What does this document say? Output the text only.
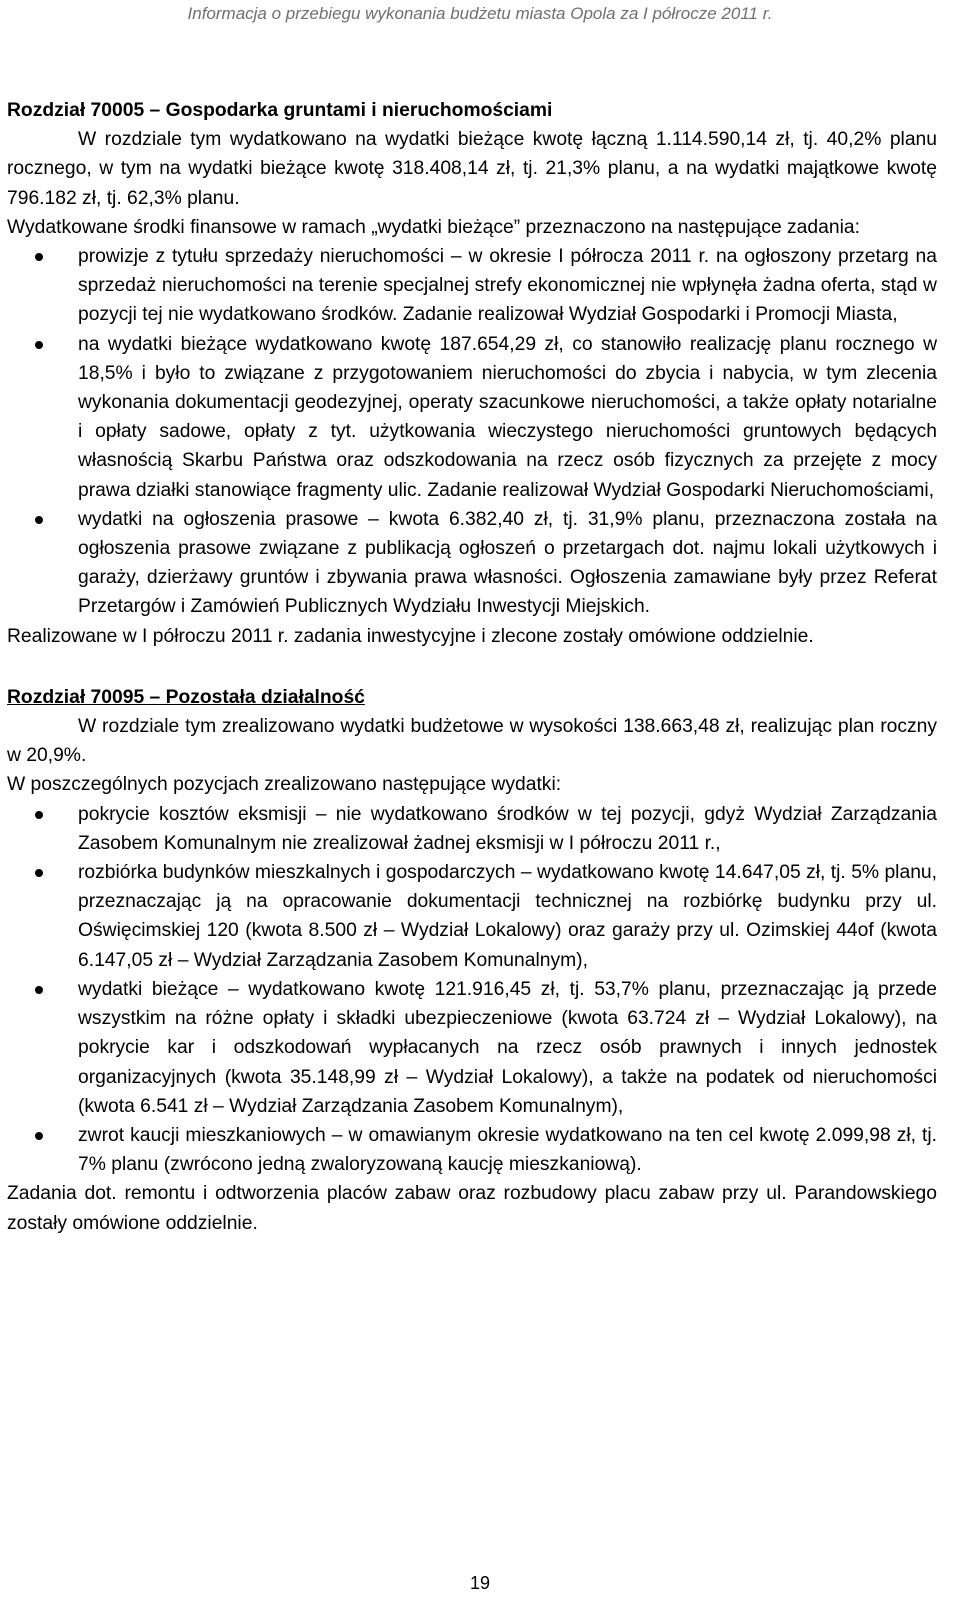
Informacja o przebiegu wykonania budżetu miasta Opola za I półrocze 2011 r.

Rozdział 70005 – Gospodarka gruntami i nieruchomościami

W rozdziale tym wydatkowano na wydatki bieżące kwotę łączną 1.114.590,14 zł, tj. 40,2% planu rocznego, w tym na wydatki bieżące kwotę 318.408,14 zł, tj. 21,3% planu, a na wydatki majątkowe kwotę 796.182 zł, tj. 62,3% planu.

Wydatkowane środki finansowe w ramach „wydatki bieżące” przeznaczono na następujące zadania:

prowizje z tytułu sprzedaży nieruchomości – w okresie I półrocza 2011 r. na ogłoszony przetarg na sprzedaż nieruchomości na terenie specjalnej strefy ekonomicznej nie wpłynęła żadna oferta, stąd w pozycji tej nie wydatkowano środków. Zadanie realizował Wydział Gospodarki i Promocji Miasta,
na wydatki bieżące wydatkowano kwotę 187.654,29 zł, co stanowiło realizację planu rocznego w 18,5% i było to związane z przygotowaniem nieruchomości do zbycia i nabycia, w tym zlecenia wykonania dokumentacji geodezyjnej, operaty szacunkowe nieruchomości, a także opłaty notarialne i opłaty sadowe, opłaty z tyt. użytkowania wieczystego nieruchomości gruntowych będących własnością Skarbu Państwa oraz odszkodowania na rzecz osób fizycznych za przejęte z mocy prawa działki stanowiące fragmenty ulic. Zadanie realizował Wydział Gospodarki Nieruchomościami,
wydatki na ogłoszenia prasowe – kwota 6.382,40 zł, tj. 31,9% planu, przeznaczona została na ogłoszenia prasowe związane z publikacją ogłoszeń o przetargach dot. najmu lokali użytkowych i garaży, dzierżawy gruntów i zbywania prawa własności. Ogłoszenia zamawiane były przez Referat Przetargów i Zamówień Publicznych Wydziału Inwestycji Miejskich.

Realizowane w I półroczu 2011 r. zadania inwestycyjne i zlecone zostały omówione oddzielnie.

Rozdział 70095 – Pozostała działalność

W rozdziale tym zrealizowano wydatki budżetowe w wysokości 138.663,48 zł, realizując plan roczny w 20,9%.

W poszczególnych pozycjach zrealizowano następujące wydatki:

pokrycie kosztów eksmisji – nie wydatkowano środków w tej pozycji, gdyż Wydział Zarządzania Zasobem Komunalnym nie zrealizował żadnej eksmisji w I półroczu 2011 r.,
rozbiórka budynków mieszkalnych i gospodarczych – wydatkowano kwotę 14.647,05 zł, tj. 5% planu, przeznaczając ją na opracowanie dokumentacji technicznej na rozbiórkę budynku przy ul. Oświęcimskiej 120 (kwota 8.500 zł – Wydział Lokalowy) oraz garaży przy ul. Ozimskiej 44of (kwota 6.147,05 zł – Wydział Zarządzania Zasobem Komunalnym),
wydatki bieżące – wydatkowano kwotę 121.916,45 zł, tj. 53,7% planu, przeznaczając ją przede wszystkim na różne opłaty i składki ubezpieczeniowe (kwota 63.724 zł – Wydział Lokalowy), na pokrycie kar i odszkodowań wypłacanych na rzecz osób prawnych i innych jednostek organizacyjnych (kwota 35.148,99 zł – Wydział Lokalowy), a także na podatek od nieruchomości (kwota 6.541 zł – Wydział Zarządzania Zasobem Komunalnym),
zwrot kaucji mieszkaniowych – w omawianym okresie wydatkowano na ten cel kwotę 2.099,98 zł, tj. 7% planu (zwrócono jedną zwaloryzowaną kaucję mieszkaniową).

Zadania dot. remontu i odtworzenia placów zabaw oraz rozbudowy placu zabaw przy ul. Parandowskiego zostały omówione oddzielnie.

19
